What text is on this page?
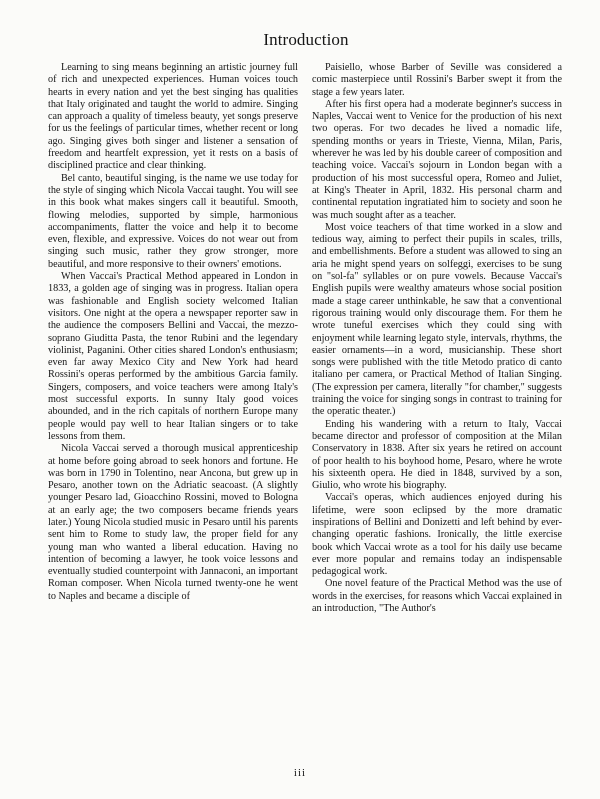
Introduction

Learning to sing means beginning an artistic journey full of rich and unexpected experiences. Human voices touch hearts in every nation and yet the best singing has qualities that Italy originated and taught the world to admire. Singing can approach a quality of timeless beauty, yet songs preserve for us the feelings of particular times, whether recent or long ago. Singing gives both singer and listener a sensation of freedom and heartfelt expression, yet it rests on a basis of disciplined practice and clear thinking.

Bel canto, beautiful singing, is the name we use today for the style of singing which Nicola Vaccai taught. You will see in this book what makes singers call it beautiful. Smooth, flowing melodies, supported by simple, harmonious accompaniments, flatter the voice and help it to become even, flexible, and expressive. Voices do not wear out from singing such music, rather they grow stronger, more beautiful, and more responsive to their owners' emotions.

When Vaccai's Practical Method appeared in London in 1833, a golden age of singing was in progress. Italian opera was fashionable and English society welcomed Italian visitors. One night at the opera a newspaper reporter saw in the audience the composers Bellini and Vaccai, the mezzo-soprano Giuditta Pasta, the tenor Rubini and the legendary violinist, Paganini. Other cities shared London's enthusiasm; even far away Mexico City and New York had heard Rossini's operas performed by the ambitious Garcia family. Singers, composers, and voice teachers were among Italy's most successful exports. In sunny Italy good voices abounded, and in the rich capitals of northern Europe many people would pay well to hear Italian singers or to take lessons from them.

Nicola Vaccai served a thorough musical apprenticeship at home before going abroad to seek honors and fortune. He was born in 1790 in Tolentino, near Ancona, but grew up in Pesaro, another town on the Adriatic seacoast. (A slightly younger Pesaro lad, Gioacchino Rossini, moved to Bologna at an early age; the two composers became friends years later.) Young Nicola studied music in Pesaro until his parents sent him to Rome to study law, the proper field for any young man who wanted a liberal education. Having no intention of becoming a lawyer, he took voice lessons and eventually studied counterpoint with Jannaconi, an important Roman composer. When Nicola turned twenty-one he went to Naples and became a disciple of

Paisiello, whose Barber of Seville was considered a comic masterpiece until Rossini's Barber swept it from the stage a few years later.

After his first opera had a moderate beginner's success in Naples, Vaccai went to Venice for the production of his next two operas. For two decades he lived a nomadic life, spending months or years in Trieste, Vienna, Milan, Paris, wherever he was led by his double career of composition and teaching voice. Vaccai's sojourn in London began with a production of his most successful opera, Romeo and Juliet, at King's Theater in April, 1832. His personal charm and continental reputation ingratiated him to society and soon he was much sought after as a teacher.

Most voice teachers of that time worked in a slow and tedious way, aiming to perfect their pupils in scales, trills, and embellishments. Before a student was allowed to sing an aria he might spend years on solfeggi, exercises to be sung on "sol-fa" syllables or on pure vowels. Because Vaccai's English pupils were wealthy amateurs whose social position made a stage career unthinkable, he saw that a conventional rigorous training would only discourage them. For them he wrote tuneful exercises which they could sing with enjoyment while learning legato style, intervals, rhythms, the easier ornaments—in a word, musicianship. These short songs were published with the title Metodo pratico di canto italiano per camera, or Practical Method of Italian Singing. (The expression per camera, literally "for chamber," suggests training the voice for singing songs in contrast to training for the operatic theater.)

Ending his wandering with a return to Italy, Vaccai became director and professor of composition at the Milan Conservatory in 1838. After six years he retired on account of poor health to his boyhood home, Pesaro, where he wrote his sixteenth opera. He died in 1848, survived by a son, Giulio, who wrote his biography.

Vaccai's operas, which audiences enjoyed during his lifetime, were soon eclipsed by the more dramatic inspirations of Bellini and Donizetti and left behind by ever-changing operatic fashions. Ironically, the little exercise book which Vaccai wrote as a tool for his daily use became ever more popular and remains today an indispensable pedagogical work.

One novel feature of the Practical Method was the use of words in the exercises, for reasons which Vaccai explained in an introduction, "The Author's

iii
